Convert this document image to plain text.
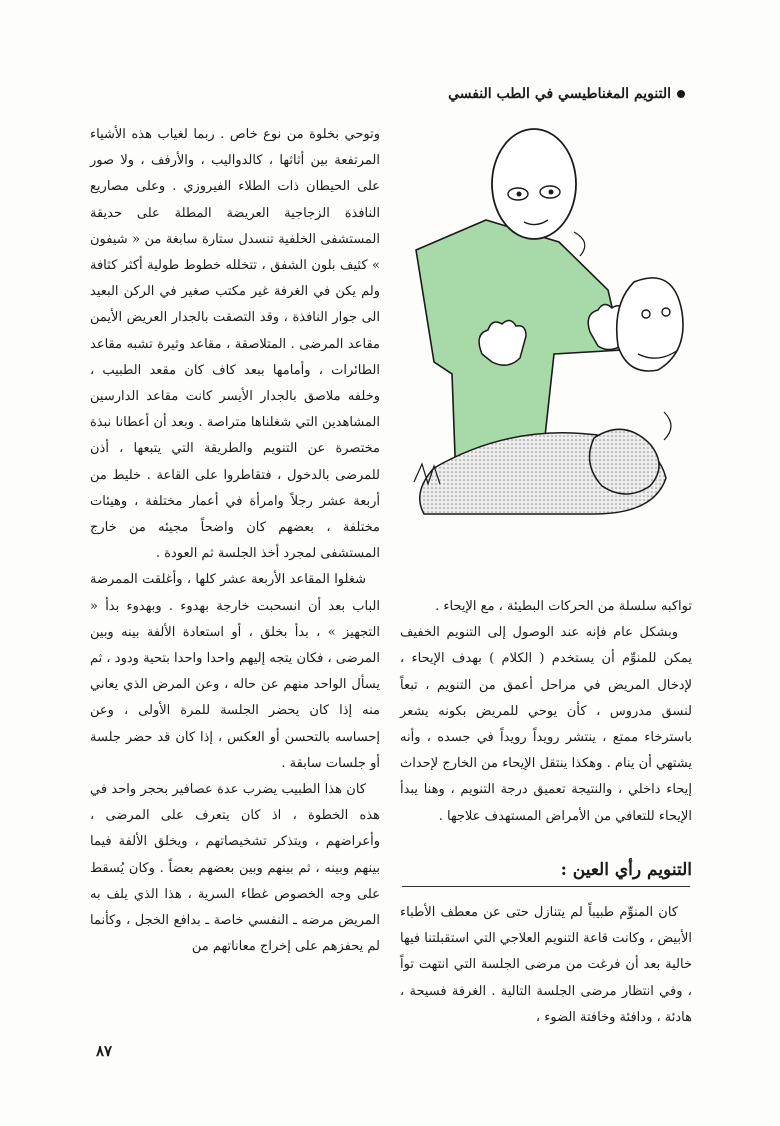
التنويم المغناطيسي في الطب النفسي

وتوحي بخلوة من نوع خاص . ربما لغياب هذه الأشياء المرتفعة بين أثاثها ، كالدواليب ، والأرفف ، ولا صور على الحيطان ذات الطلاء الفيروزي . وعلى مصاريع النافذة الزجاجية العريضة المطلة على حديقة المستشفى الخلفية تنسدل ستارة سابغة من « شيفون » كثيف بلون الشفق ، تتخلله خطوط طولية أكثر كثافة ولم يكن في الغرفة غير مكتب صغير في الركن البعيد الى جوار النافذة ، وقد التصقت بالجدار العريض الأيمن مقاعد المرضى . المتلاصقة ، مقاعد وثيرة تشبه مقاعد الطائرات ، وأمامها ببعد كاف كان مقعد الطبيب ، وخلفه ملاصق بالجدار الأيسر كانت مقاعد الدارسين المشاهدين التي شغلناها متراصة . وبعد أن أعطانا نبذة مختصرة عن التنويم والطريقة التي يتبعها ، أذن للمرضى بالدخول ، فتقاطروا على القاعة . خليط من أربعة عشر رجلاً وامرأة في أعمار مختلفة ، وهيئات مختلفة ، بعضهم كان واضحاً مجيئه من خارج المستشفى لمجرد أخذ الجلسة ثم العودة .

شغلوا المقاعد الأربعة عشر كلها ، وأغلقت الممرضة الباب بعد أن انسحبت خارجة بهدوء . وبهدوء بدأ « التجهيز » ، بدأ بخلق ، أو استعادة الألفة بينه وبين المرضى ، فكان يتجه إليهم واحدا واحدا بتحية ودود ، ثم يسأل الواحد منهم عن حاله ، وعن المرض الذي يعاني منه إذا كان يحضر الجلسة للمرة الأولى ، وعن إحساسه بالتحسن أو العكس ، إذا كان قد حضر جلسة أو جلسات سابقة .

كان هذا الطبيب يضرب عدة عصافير بحجر واحد في هذه الخطوة ، اذ كان يتعرف على المرضى ، وأعراضهم ، ويتذكر تشخيصاتهم ، ويخلق الألفة فيما بينهم وبينه ، ثم بينهم وبين بعضهم بعضاً . وكان يُسقط على وجه الخصوص غطاء السرية ، هذا الذي يلف به المريض مرضه ـ النفسي خاصة ـ بدافع الخجل ، وكأنما لم يحفزهم على إخراج معاناتهم من

تواكبه سلسلة من الحركات البطيئة ، مع الإيحاء .

وبشكل عام فإنه عند الوصول إلى التنويم الخفيف يمكن للمنوِّم أن يستخدم ( الكلام ) بهدف الإيحاء ، لإدخال المريض في مراحل أعمق من التنويم ، تبعاً لنسق مدروس ، كأن يوحي للمريض بكونه يشعر باسترخاء ممتع ، ينتشر رويداً رويداً في جسده ، وأنه يشتهي أن ينام . وهكذا ينتقل الإيحاء من الخارج لإحداث إيحاء داخلي ، والنتيجة تعميق درجة التنويم ، وهنا يبدأ الإيحاء للتعافي من الأمراض المستهدف علاجها .

التنويم رأي العين :

كان المنوِّم طبيباً لم يتنازل حتى عن معطف الأطباء الأبيض ، وكانت قاعة التنويم العلاجي التي استقبلتنا فيها خالية بعد أن فرغت من مرضى الجلسة التي انتهت تواً ، وفي انتظار مرضى الجلسة التالية . الغرفة فسيحة ، هادئة ، ودافئة وخافتة الضوء ،

٨٧
